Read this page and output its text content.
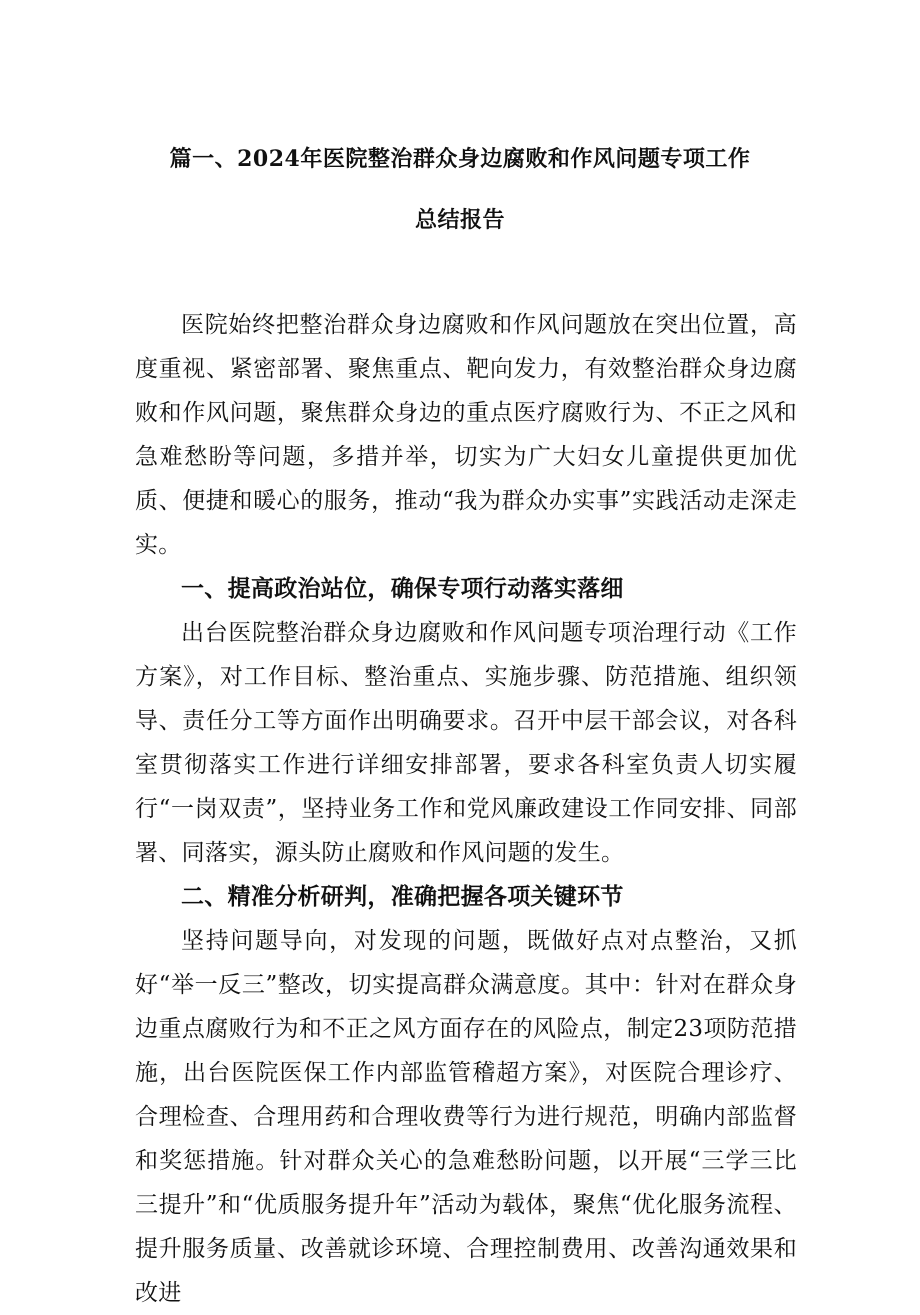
篇一、2024年医院整治群众身边腐败和作风问题专项工作
总结报告

医院始终把整治群众身边腐败和作风问题放在突出位置，高度重视、紧密部署、聚焦重点、靶向发力，有效整治群众身边腐败和作风问题，聚焦群众身边的重点医疗腐败行为、不正之风和急难愁盼等问题，多措并举，切实为广大妇女儿童提供更加优质、便捷和暖心的服务，推动“我为群众办实事”实践活动走深走实。

一、提高政治站位，确保专项行动落实落细

出台医院整治群众身边腐败和作风问题专项治理行动《工作方案》，对工作目标、整治重点、实施步骤、防范措施、组织领导、责任分工等方面作出明确要求。召开中层干部会议，对各科室贯彻落实工作进行详细安排部署，要求各科室负责人切实履行“一岗双责”，坚持业务工作和党风廉政建设工作同安排、同部署、同落实，源头防止腐败和作风问题的发生。

二、精准分析研判，准确把握各项关键环节

坚持问题导向，对发现的问题，既做好点对点整治，又抓好“举一反三”整改，切实提高群众满意度。其中：针对在群众身边重点腐败行为和不正之风方面存在的风险点，制定23项防范措施，出台医院医保工作内部监管稽超方案》，对医院合理诊疗、合理检查、合理用药和合理收费等行为进行规范，明确内部监督和奖惩措施。针对群众关心的急难愁盼问题，以开展“三学三比三提升”和“优质服务提升年”活动为载体，聚焦“优化服务流程、提升服务质量、改善就诊环境、合理控制费用、改善沟通效果和改进
